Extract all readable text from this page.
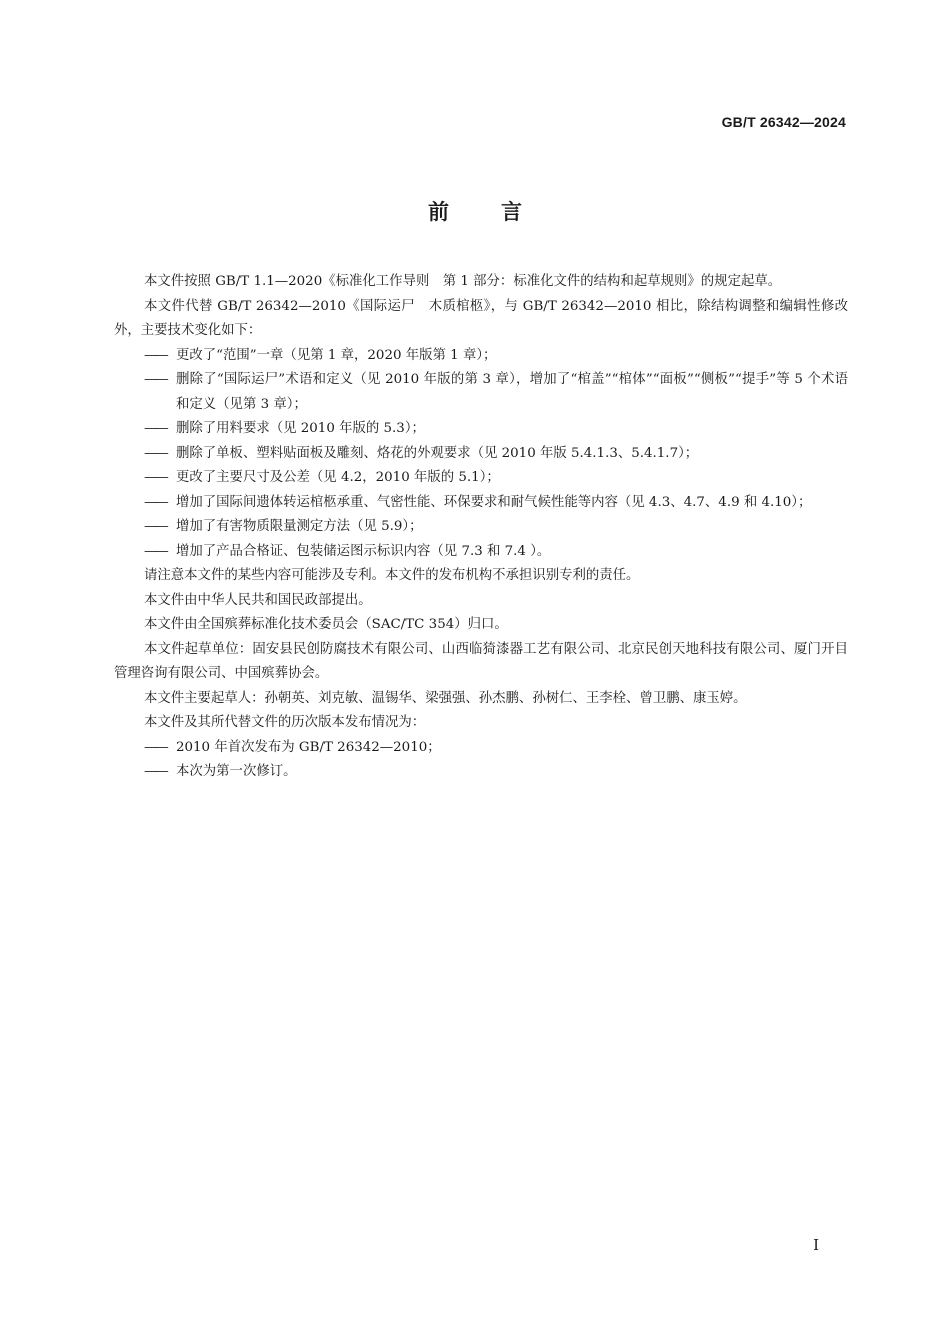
GB/T 26342—2024
前 言

本文件按照 GB/T 1.1—2020《标准化工作导则　第 1 部分：标准化文件的结构和起草规则》的规定起草。

本文件代替 GB/T 26342—2010《国际运尸　木质棺柩》，与 GB/T 26342—2010 相比，除结构调整和编辑性修改外，主要技术变化如下：

—— 更改了“范围”一章（见第 1 章，2020 年版第 1 章）；

—— 删除了“国际运尸”术语和定义（见 2010 年版的第 3 章），增加了“棺盖”“棺体”“面板”“侧板”“提手”等 5 个术语和定义（见第 3 章）；

—— 删除了用料要求（见 2010 年版的 5.3）；

—— 删除了单板、塑料贴面板及雕刻、烙花的外观要求（见 2010 年版 5.4.1.3、5.4.1.7）；

—— 更改了主要尺寸及公差（见 4.2，2010 年版的 5.1）；

—— 增加了国际间遗体转运棺柩承重、气密性能、环保要求和耐气候性能等内容（见 4.3、4.7、4.9 和 4.10）；

—— 增加了有害物质限量测定方法（见 5.9）；

—— 增加了产品合格证、包装储运图示标识内容（见 7.3 和 7.4 ）。

请注意本文件的某些内容可能涉及专利。本文件的发布机构不承担识别专利的责任。

本文件由中华人民共和国民政部提出。

本文件由全国殡葬标准化技术委员会（SAC/TC 354）归口。

本文件起草单位：固安县民创防腐技术有限公司、山西临猗漆器工艺有限公司、北京民创天地科技有限公司、厦门开目管理咨询有限公司、中国殡葬协会。

本文件主要起草人：孙朝英、刘克敏、温锡华、梁强强、孙杰鹏、孙树仁、王李栓、曾卫鹏、康玉婷。

本文件及其所代替文件的历次版本发布情况为：

—— 2010 年首次发布为 GB/T 26342—2010；

—— 本次为第一次修订。

I
